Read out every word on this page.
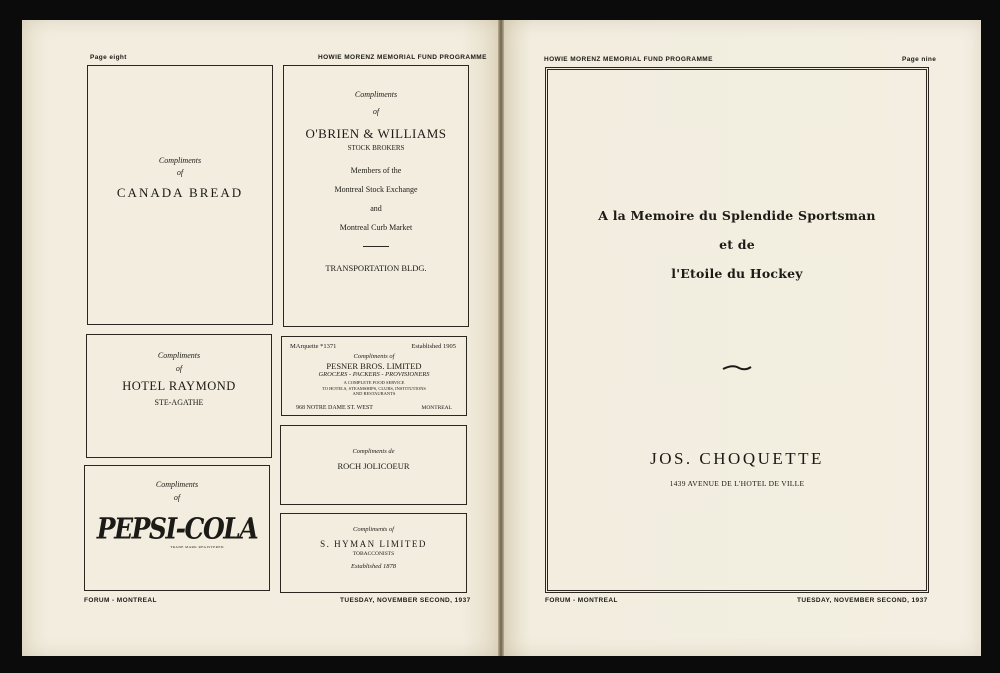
Page eight	HOWIE MORENZ MEMORIAL FUND PROGRAMME
FORUM - MONTREAL	TUESDAY, NOVEMBER SECOND, 1937
Compliments
of
CANADA BREAD
Compliments
of
O'BRIEN & WILLIAMS
STOCK BROKERS
Members of the
Montreal Stock Exchange
and
Montreal Curb Market
TRANSPORTATION BLDG.
Compliments
of
HOTEL RAYMOND
STE-AGATHE
MArquette *1371	Established 1905
Compliments of
PESNER BROS. LIMITED
GROCERS - PACKERS - PROVISIONERS
A COMPLETE FOOD SERVICE
TO HOTELS, STEAMSHIPS, CLUBS, INSTITUTIONS
AND RESTAURANTS
968 NOTRE DAME ST. WEST	MONTREAL
Compliments
of
PEPSI-COLA
TRADE MARK REGISTERED
Compliments de
ROCH JOLICOEUR
Compliments of
S. HYMAN LIMITED
TOBACCONISTS
Established 1878
HOWIE MORENZ MEMORIAL FUND PROGRAMME	Page nine
FORUM - MONTREAL	TUESDAY, NOVEMBER SECOND, 1937
A la Memoire du Splendide Sportsman
et de
l'Etoile du Hockey
JOS. CHOQUETTE
1439 AVENUE DE L'HOTEL DE VILLE
